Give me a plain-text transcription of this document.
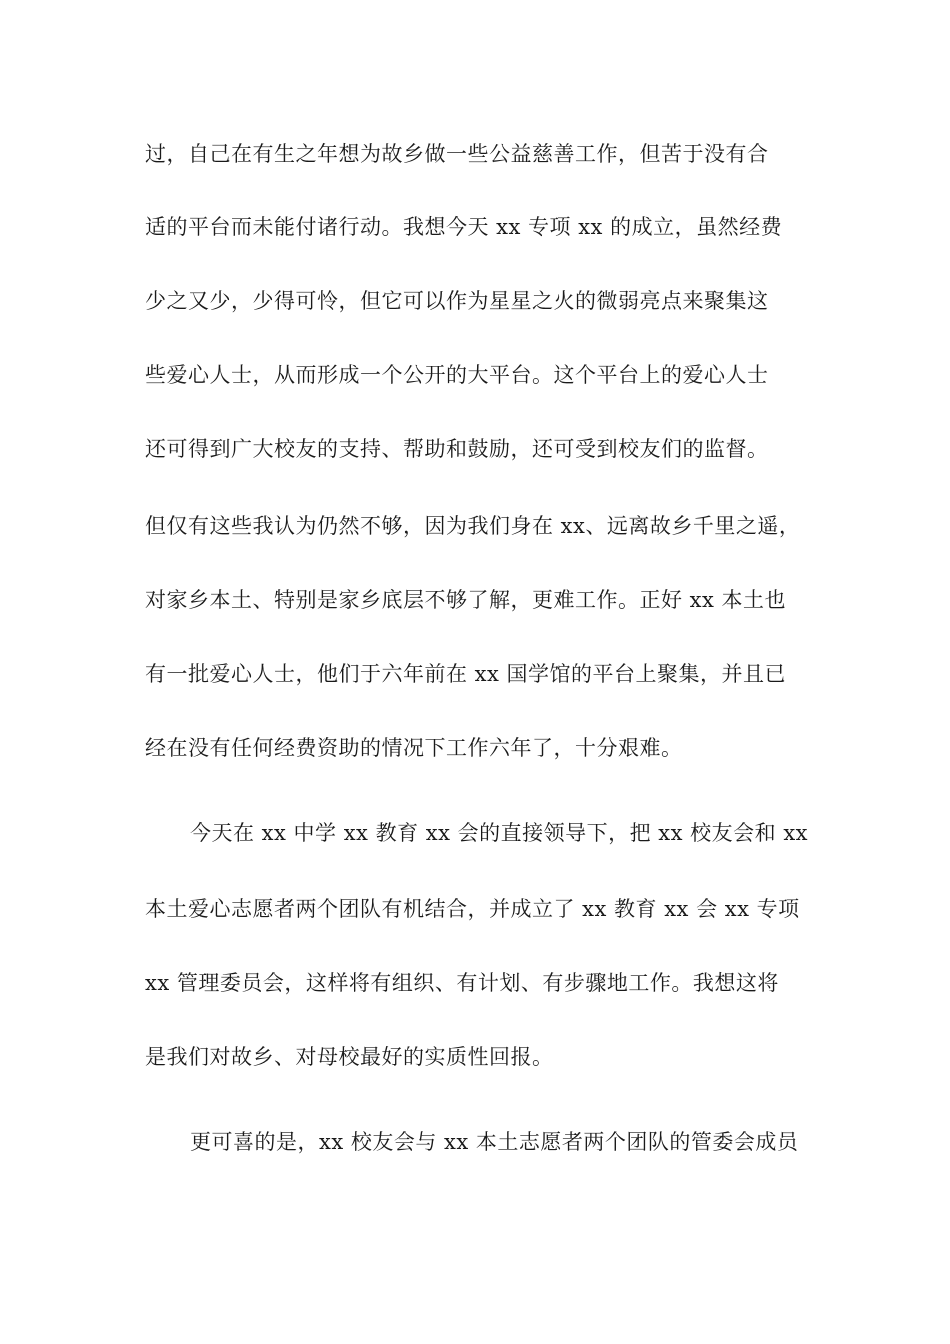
过，自己在有生之年想为故乡做一些公益慈善工作，但苦于没有合
适的平台而未能付诸行动。我想今天 xx 专项 xx 的成立，虽然经费
少之又少，少得可怜，但它可以作为星星之火的微弱亮点来聚集这
些爱心人士，从而形成一个公开的大平台。这个平台上的爱心人士
还可得到广大校友的支持、帮助和鼓励，还可受到校友们的监督。
但仅有这些我认为仍然不够，因为我们身在 xx、远离故乡千里之遥，
对家乡本土、特别是家乡底层不够了解，更难工作。正好 xx 本土也
有一批爱心人士，他们于六年前在 xx 国学馆的平台上聚集，并且已
经在没有任何经费资助的情况下工作六年了，十分艰难。
今天在 xx 中学 xx 教育 xx 会的直接领导下，把 xx 校友会和 xx
本土爱心志愿者两个团队有机结合，并成立了 xx 教育 xx 会 xx 专项
xx 管理委员会，这样将有组织、有计划、有步骤地工作。我想这将
是我们对故乡、对母校最好的实质性回报。
更可喜的是，xx 校友会与 xx 本土志愿者两个团队的管委会成员
